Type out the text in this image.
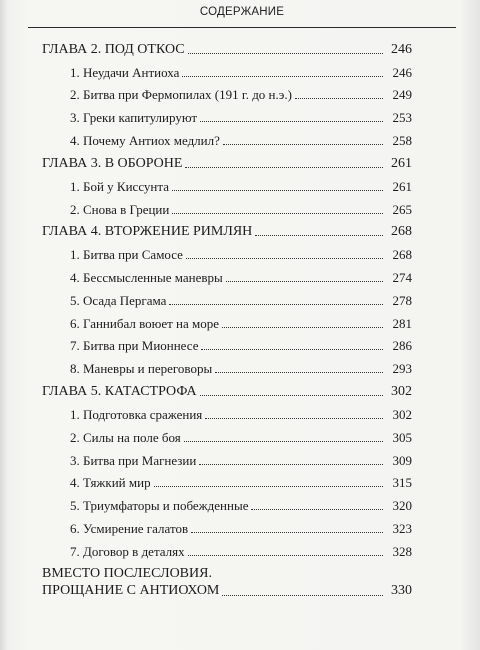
СОДЕРЖАНИЕ
ГЛАВА 2. ПОД ОТКОС	246
1. Неудачи Антиоха	246
2. Битва при Фермопилах (191 г. до н.э.)	249
3. Греки капитулируют	253
4. Почему Антиох медлил?	258
ГЛАВА 3. В ОБОРОНЕ	261
1. Бой у Киссунта	261
2. Снова в Греции	265
ГЛАВА 4. ВТОРЖЕНИЕ РИМЛЯН	268
1. Битва при Самосе	268
4. Бессмысленные маневры	274
5. Осада Пергама	278
6. Ганнибал воюет на море	281
7. Битва при Мионнесе	286
8. Маневры и переговоры	293
ГЛАВА 5. КАТАСТРОФА	302
1. Подготовка сражения	302
2. Силы на поле боя	305
3. Битва при Магнезии	309
4. Тяжкий мир	315
5. Триумфаторы и побежденные	320
6. Усмирение галатов	323
7. Договор в деталях	328
ВМЕСТО ПОСЛЕСЛОВИЯ.
ПРОЩАНИЕ С АНТИОХОМ	330
